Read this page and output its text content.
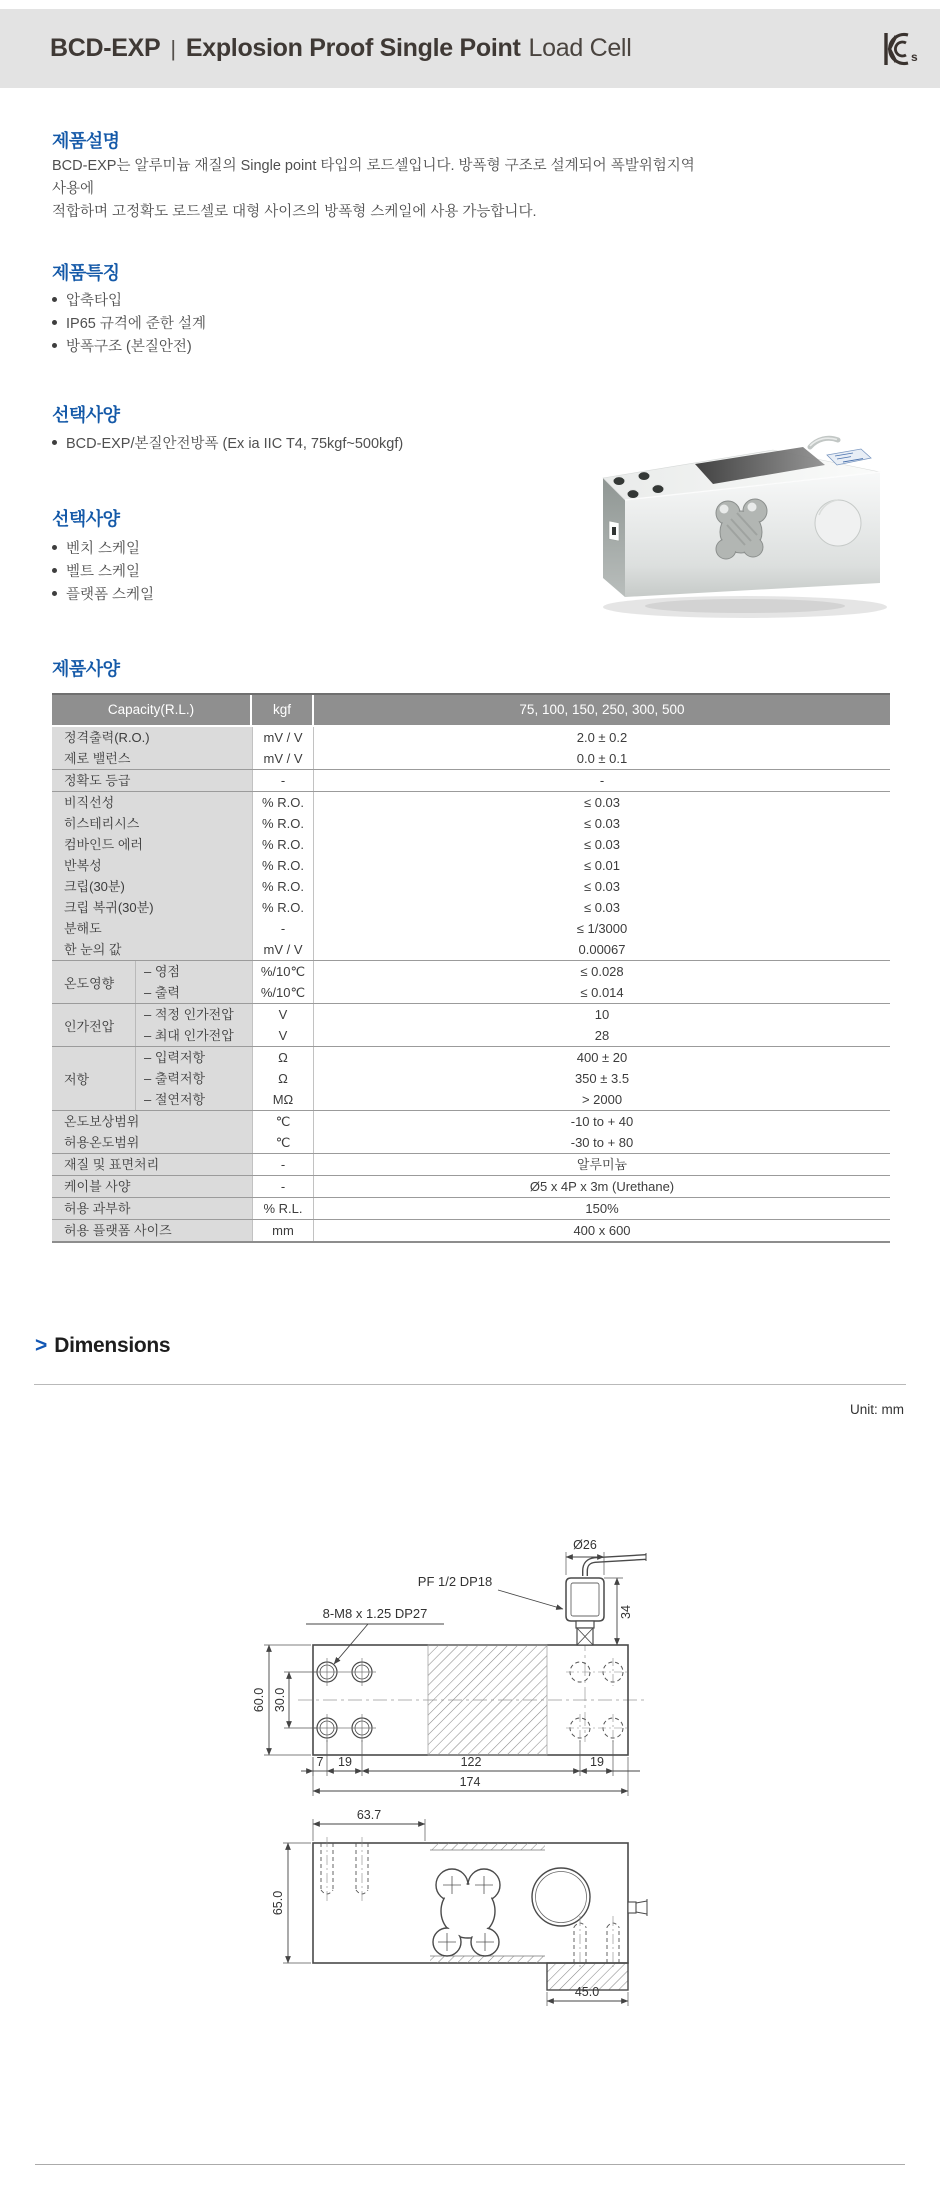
BCD-EXP | Explosion Proof Single Point Load Cell	s
제품설명
BCD-EXP는 알루미늄 재질의 Single point 타입의 로드셀입니다. 방폭형 구조로 설계되어 폭발위험지역 사용에
적합하며 고정확도 로드셀로 대형 사이즈의 방폭형 스케일에 사용 가능합니다.
제품특징
압축타입
IP65 규격에 준한 설계
방폭구조 (본질안전)
선택사양
BCD-EXP/본질안전방폭 (Ex ia IIC T4, 75kgf~500kgf)
선택사양
벤치 스케일
벨트 스케일
플랫폼 스케일
제품사양
Capacity(R.L.)	kgf	75, 100, 150, 250, 300, 500
정격출력(R.O.)	mV / V	2.0 ± 0.2
제로 밸런스	mV / V	0.0 ± 0.1
정확도 등급	-	-
비직선성	% R.O.	≤ 0.03
히스테리시스	% R.O.	≤ 0.03
컴바인드 에러	% R.O.	≤ 0.03
반복성	% R.O.	≤ 0.01
크립(30분)	% R.O.	≤ 0.03
크립 복귀(30분)	% R.O.	≤ 0.03
분해도	-	≤ 1/3000
한 눈의 값	mV / V	0.00067
온도영향
– 영점	%/10℃	≤ 0.028
– 출력	%/10℃	≤ 0.014
인가전압
– 적정 인가전압	V	10
– 최대 인가전압	V	28
저항
– 입력저항	Ω	400 ± 20
– 출력저항	Ω	350 ± 3.5
– 절연저항	MΩ	> 2000
온도보상범위	℃	-10 to + 40
허용온도범위	℃	-30 to + 80
재질 및 표면처리	-	알루미늄
케이블 사양	-	Ø5 x 4P x 3m (Urethane)
허용 과부하	% R.L.	150%
허용 플랫폼 사이즈	mm	400 x 600
> Dimensions
Unit: mm
8-M8 x 1.25 DP27
Ø26
34
PF 1/2 DP18
60.0 30.0
7 19	122	19
174
63.7
65.0
45.0
